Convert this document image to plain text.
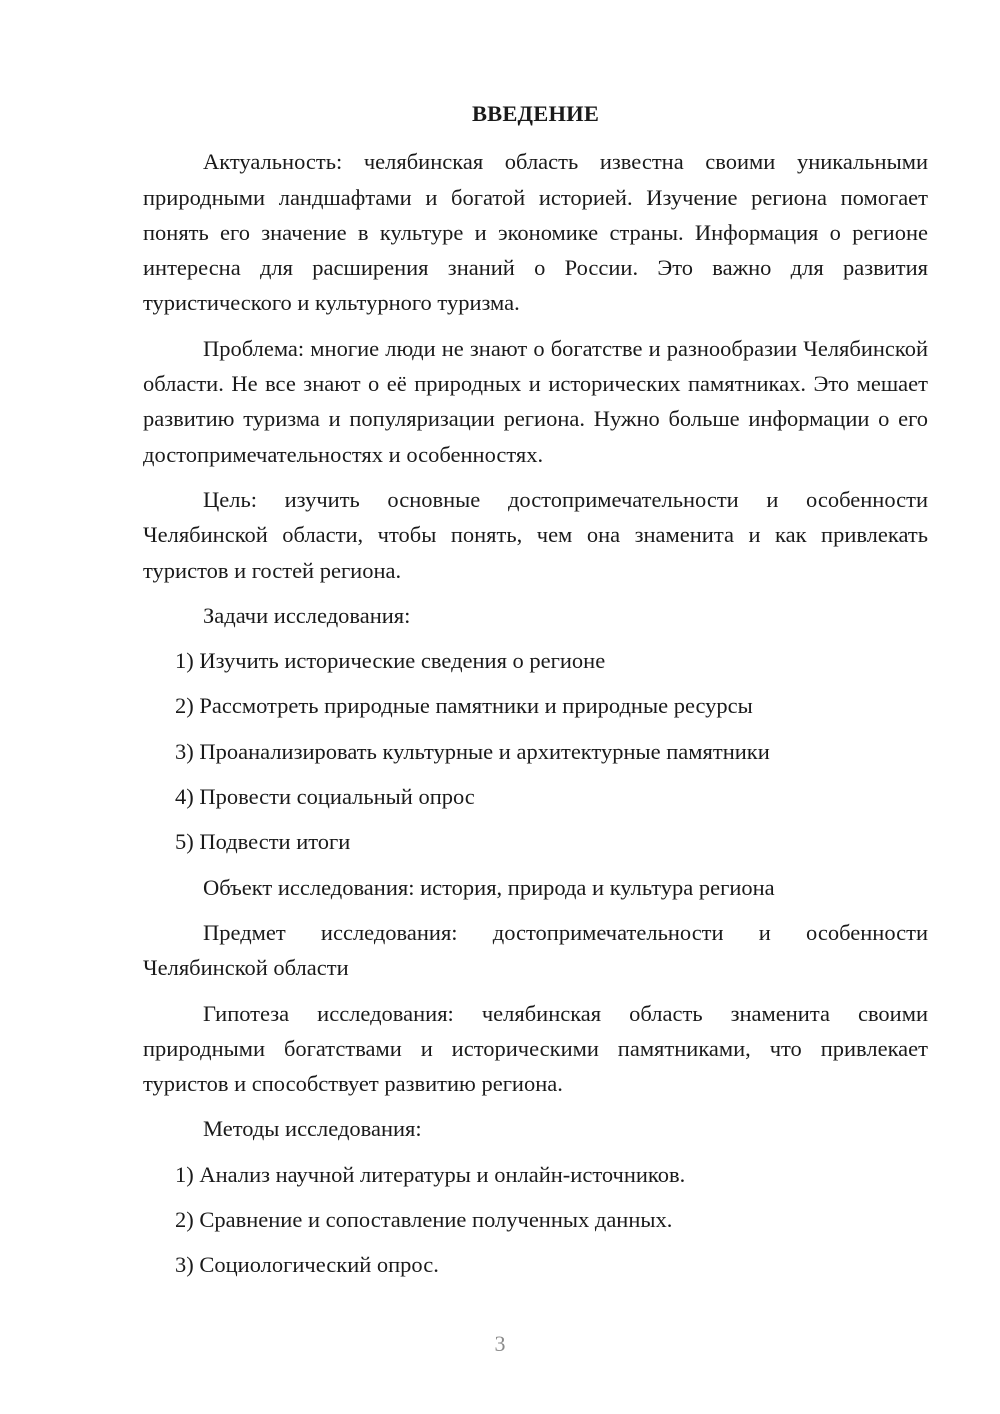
ВВЕДЕНИЕ

Актуальность: челябинская область известна своими уникальными природными ландшафтами и богатой историей. Изучение региона помогает понять его значение в культуре и экономике страны. Информация о регионе интересна для расширения знаний о России. Это важно для развития туристического и культурного туризма.

Проблема: многие люди не знают о богатстве и разнообразии Челябинской области. Не все знают о её природных и исторических памятниках. Это мешает развитию туризма и популяризации региона. Нужно больше информации о его достопримечательностях и особенностях.

Цель: изучить основные достопримечательности и особенности Челябинской области, чтобы понять, чем она знаменита и как привлекать туристов и гостей региона.

Задачи исследования:

1) Изучить исторические сведения о регионе

2) Рассмотреть природные памятники и природные ресурсы

3) Проанализировать культурные и архитектурные памятники

4) Провести социальный опрос

5) Подвести итоги

Объект исследования: история, природа и культура региона

Предмет исследования: достопримечательности и особенности Челябинской области

Гипотеза исследования: челябинская область знаменита своими природными богатствами и историческими памятниками, что привлекает туристов и способствует развитию региона.

Методы исследования:

1) Анализ научной литературы и онлайн-источников.

2) Сравнение и сопоставление полученных данных.

3) Социологический опрос.

3
